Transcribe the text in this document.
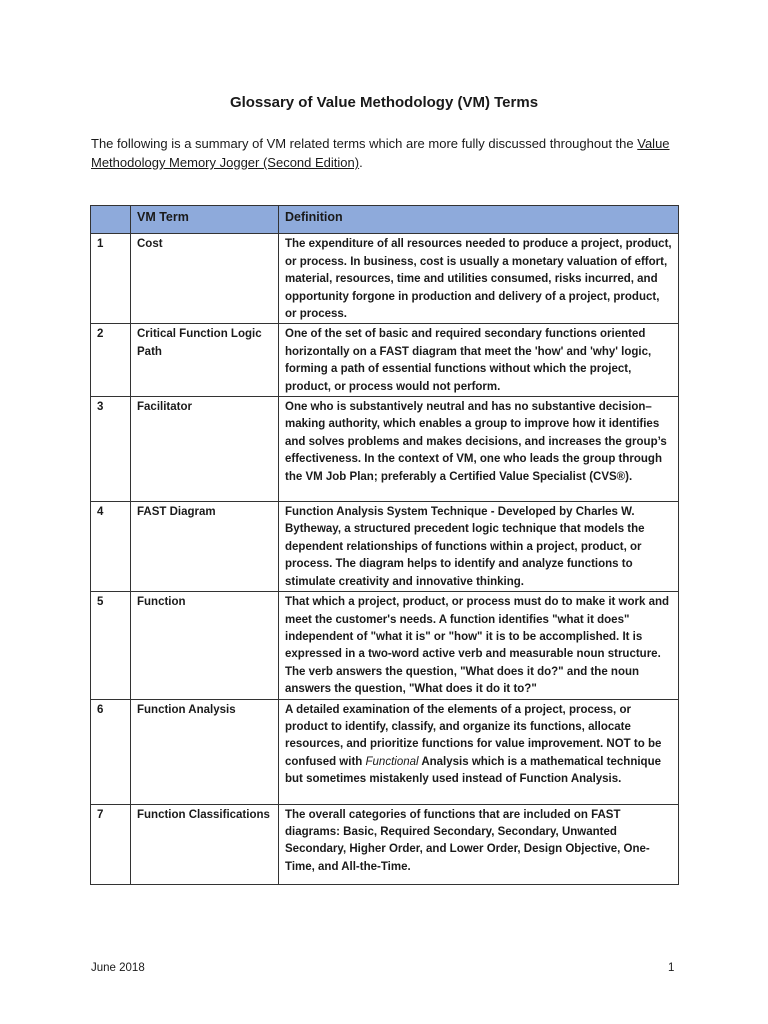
Glossary of Value Methodology (VM) Terms
The following is a summary of VM related terms which are more fully discussed throughout the Value Methodology Memory Jogger (Second Edition).
	VM Term	Definition
1	Cost	The expenditure of all resources needed to produce a project, product, or process. In business, cost is usually a monetary valuation of effort, material, resources, time and utilities consumed, risks incurred, and opportunity forgone in production and delivery of a project, product, or process.
2	Critical Function Logic Path	One of the set of basic and required secondary functions oriented horizontally on a FAST diagram that meet the 'how' and 'why' logic, forming a path of essential functions without which the project, product, or process would not perform.
3	Facilitator	One who is substantively neutral and has no substantive decision–making authority, which enables a group to improve how it identifies and solves problems and makes decisions, and increases the group’s effectiveness. In the context of VM, one who leads the group through the VM Job Plan; preferably a Certified Value Specialist (CVS®).
4	FAST Diagram	Function Analysis System Technique - Developed by Charles W. Bytheway, a structured precedent logic technique that models the dependent relationships of functions within a project, product, or process. The diagram helps to identify and analyze functions to stimulate creativity and innovative thinking.
5	Function	That which a project, product, or process must do to make it work and meet the customer's needs. A function identifies "what it does" independent of "what it is" or "how" it is to be accomplished. It is expressed in a two-word active verb and measurable noun structure. The verb answers the question, "What does it do?" and the noun answers the question, "What does it do it to?"
6	Function Analysis	A detailed examination of the elements of a project, process, or product to identify, classify, and organize its functions, allocate resources, and prioritize functions for value improvement. NOT to be confused with Functional Analysis which is a mathematical technique but sometimes mistakenly used instead of Function Analysis.
7	Function Classifications	The overall categories of functions that are included on FAST diagrams: Basic, Required Secondary, Secondary, Unwanted Secondary, Higher Order, and Lower Order, Design Objective, One-Time, and All-the-Time.
June 2018	1
